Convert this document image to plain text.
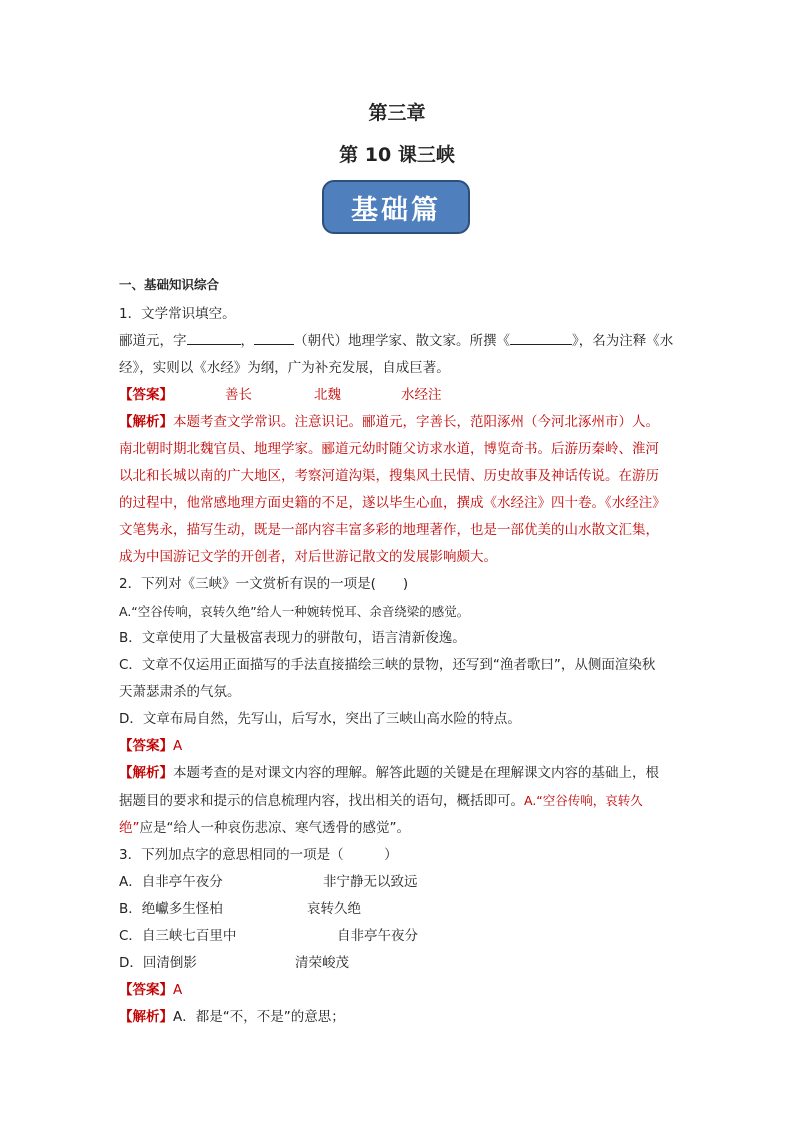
第三章
第 10 课三峡
基础篇
一、基础知识综合
1．文学常识填空。
郦道元，字	，	（朝代）地理学家、散文家。所撰《	》，名为注释《水
经》，实则以《水经》为纲，广为补充发展，自成巨著。
【答案】	善长	北魏	水经注
【解析】本题考查文学常识。注意识记。郦道元，字善长，范阳涿州（今河北涿州市）人。
南北朝时期北魏官员、地理学家。郦道元幼时随父访求水道，博览奇书。后游历秦岭、淮河
以北和长城以南的广大地区，考察河道沟渠，搜集风土民情、历史故事及神话传说。在游历
的过程中，他常感地理方面史籍的不足，遂以毕生心血，撰成《水经注》四十卷。《水经注》
文笔隽永，描写生动，既是一部内容丰富多彩的地理著作，也是一部优美的山水散文汇集，
成为中国游记文学的开创者，对后世游记散文的发展影响颇大。
2．下列对《三峡》一文赏析有误的一项是(　　)
A.“空谷传响，哀转久绝”给人一种婉转悦耳、余音绕梁的感觉。
B．文章使用了大量极富表现力的骈散句，语言清新俊逸。
C．文章不仅运用正面描写的手法直接描绘三峡的景物，还写到“渔者歌曰”，从侧面渲染秋
天萧瑟肃杀的气氛。
D．文章布局自然，先写山，后写水，突出了三峡山高水险的特点。
【答案】A
【解析】本题考查的是对课文内容的理解。解答此题的关键是在理解课文内容的基础上，根
据题目的要求和提示的信息梳理内容，找出相关的语句，概括即可。A.“空谷传响，哀转久
绝”应是“给人一种哀伤悲凉、寒气透骨的感觉”。
3．下列加点字的意思相同的一项是（　　　）
A．自非亭午夜分	非宁静无以致远
B．绝巘多生怪柏	哀转久绝
C．自三峡七百里中	自非亭午夜分
D．回清倒影	清荣峻茂
【答案】A
【解析】A．都是“不，不是”的意思；
